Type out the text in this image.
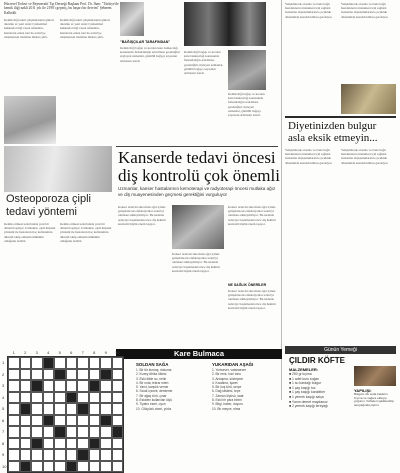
Hücresel Tedavi ve Rejeneratif Tıp Derneği Başkanı Prof. Dr. Ihan: "Türkiye'de kemik iliği nakli 2011 yılı ile 2190'ı geçmiş, bu başarı bir devrim" Şebnem Kalbekli
Kemik iliği nakli çalışmalarının güncel durumu ve yeni tedavi yöntemleri hakkında bilgi veren uzmanlar, hastaların erken tanı ile tedaviye ulaşmasının önemine dikkat çekti.
Kemik iliği nakli çalışmalarının güncel durumu ve yeni tedavi yöntemleri hakkında bilgi veren uzmanlar, hastaların erken tanı ile tedaviye ulaşmasının önemine dikkat çekti.
"BAĞIŞÇILAR TARAFINDAN"
Kemik iliği bağışı ve kordon kanı bankacılığı konusunda farkındalığın artırılması gerektiğini söyleyen uzmanlar, gönüllü bağışçı sayısının artmasını istedi.
Kemik iliği bağışı ve kordon kanı bankacılığı konusunda farkındalığın artırılması gerektiğini söyleyen uzmanlar, gönüllü bağışçı sayısının artmasını istedi.
Kemik iliği bağışı ve kordon kanı bankacılığı konusunda farkındalığın artırılması gerektiğini söyleyen uzmanlar, gönüllü bağışçı sayısının artmasını istedi.
Yetişkinlerde obezite ve buna bağlı hastalıkların önlenmesi için sağlıklı beslenme alışkanlıklarının çocukluk döneminde kazandırılması gerekiyor.
Yetişkinlerde obezite ve buna bağlı hastalıkların önlenmesi için sağlıklı beslenme alışkanlıklarının çocukluk döneminde kazandırılması gerekiyor.
Diyetinizden bulgur
asla eksik etmeyin...
Yetişkinlerde obezite ve buna bağlı hastalıkların önlenmesi için sağlıklı beslenme alışkanlıklarının çocukluk döneminde kazandırılması gerekiyor.
Yetişkinlerde obezite ve buna bağlı hastalıkların önlenmesi için sağlıklı beslenme alışkanlıklarının çocukluk döneminde kazandırılması gerekiyor.
Osteoporoza çipli
tedavi yöntemi
Kemik erimesi tedavisinde yeni bir dönem başlıyor. Uzmanlar, çipli implant yöntemi ile hastaların ilaç kullanımını düzenli takip etmenin mümkün olduğunu belirtti.
Kemik erimesi tedavisinde yeni bir dönem başlıyor. Uzmanlar, çipli implant yöntemi ile hastaların ilaç kullanımını düzenli takip etmenin mümkün olduğunu belirtti.
Kanserde tedavi öncesi
diş kontrolü çok önemli
Uzmanlar, kanser hastalarının kemoterapi ve radyoterapi öncesi mutlaka ağız ve diş muayenesinden geçmesi gerektiğini vurguluyor
Kanser tedavisi sürecinde ağız içinde gelişebilecek enfeksiyonlar tedaviyi olumsuz etkileyebiliyor. Bu nedenle tedaviye başlamadan önce diş hekimi kontrolü büyük önem taşıyor.
Kanser tedavisi sürecinde ağız içinde gelişebilecek enfeksiyonlar tedaviyi olumsuz etkileyebiliyor. Bu nedenle tedaviye başlamadan önce diş hekimi kontrolü büyük önem taşıyor.
Kanser tedavisi sürecinde ağız içinde gelişebilecek enfeksiyonlar tedaviyi olumsuz etkileyebiliyor. Bu nedenle tedaviye başlamadan önce diş hekimi kontrolü büyük önem taşıyor.
NE SAĞLIK ÖNERİLER
Kanser tedavisi sürecinde ağız içinde gelişebilecek enfeksiyonlar tedaviyi olumsuz etkileyebiliyor. Bu nedenle tedaviye başlamadan önce diş hekimi kontrolü büyük önem taşıyor.
Kare Bulmaca
1	2	3	4	5	6	7	8	9	10
1
2
3
4
5
6
7
8
9
10
SOLDAN SAĞA
1. Bir tür kumaş, dokuma
2. Kuzey Afrika ülkesi
3. Eski dilde su, nehir
4. Bir nota, tekrar eden
5. Yanıt, karşılık verme
6. Sıcak içecek, demleme
7. Bir ağaç türü, çınar
8. Eskiden kullanılan ölçü
9. Tiyatro eseri, oyun
10. Gökyüzü cismi, yıldız
YUKARIDAN AŞAĞI
1. Yurtsever, vatansever
2. Bir renk, kızıl tonu
3. Anlaşma, sözleşme
4. Kısaltma, işaret
5. Bir kuş türü, serçe
6. Dağ silsilesi, tepe
7. Zaman ölçüsü, saat
8. Eski bir para birimi
9. Bilgi, haber, duyuru
10. Bir meyve, elma
Günün Yemeği
ÇILDIR KÖFTE
MALZEMELER:
■ 250 gr kıyma
■ 1 adet kuru soğan
■ 1 su bardağı bulgur
■ 1 çay kaşığı tuz
■ 1 çay kaşığı karabiber
■ 1 yemek kaşığı salça
■ Yarım demet maydanoz
■ 2 yemek kaşığı tereyağı
YAPILIŞI:
Bulguru ılık suda bekletin. Kıyma ve soğanı ekleyip yoğurun. Köfteleri şekillendirip tereyağında pişirin.
